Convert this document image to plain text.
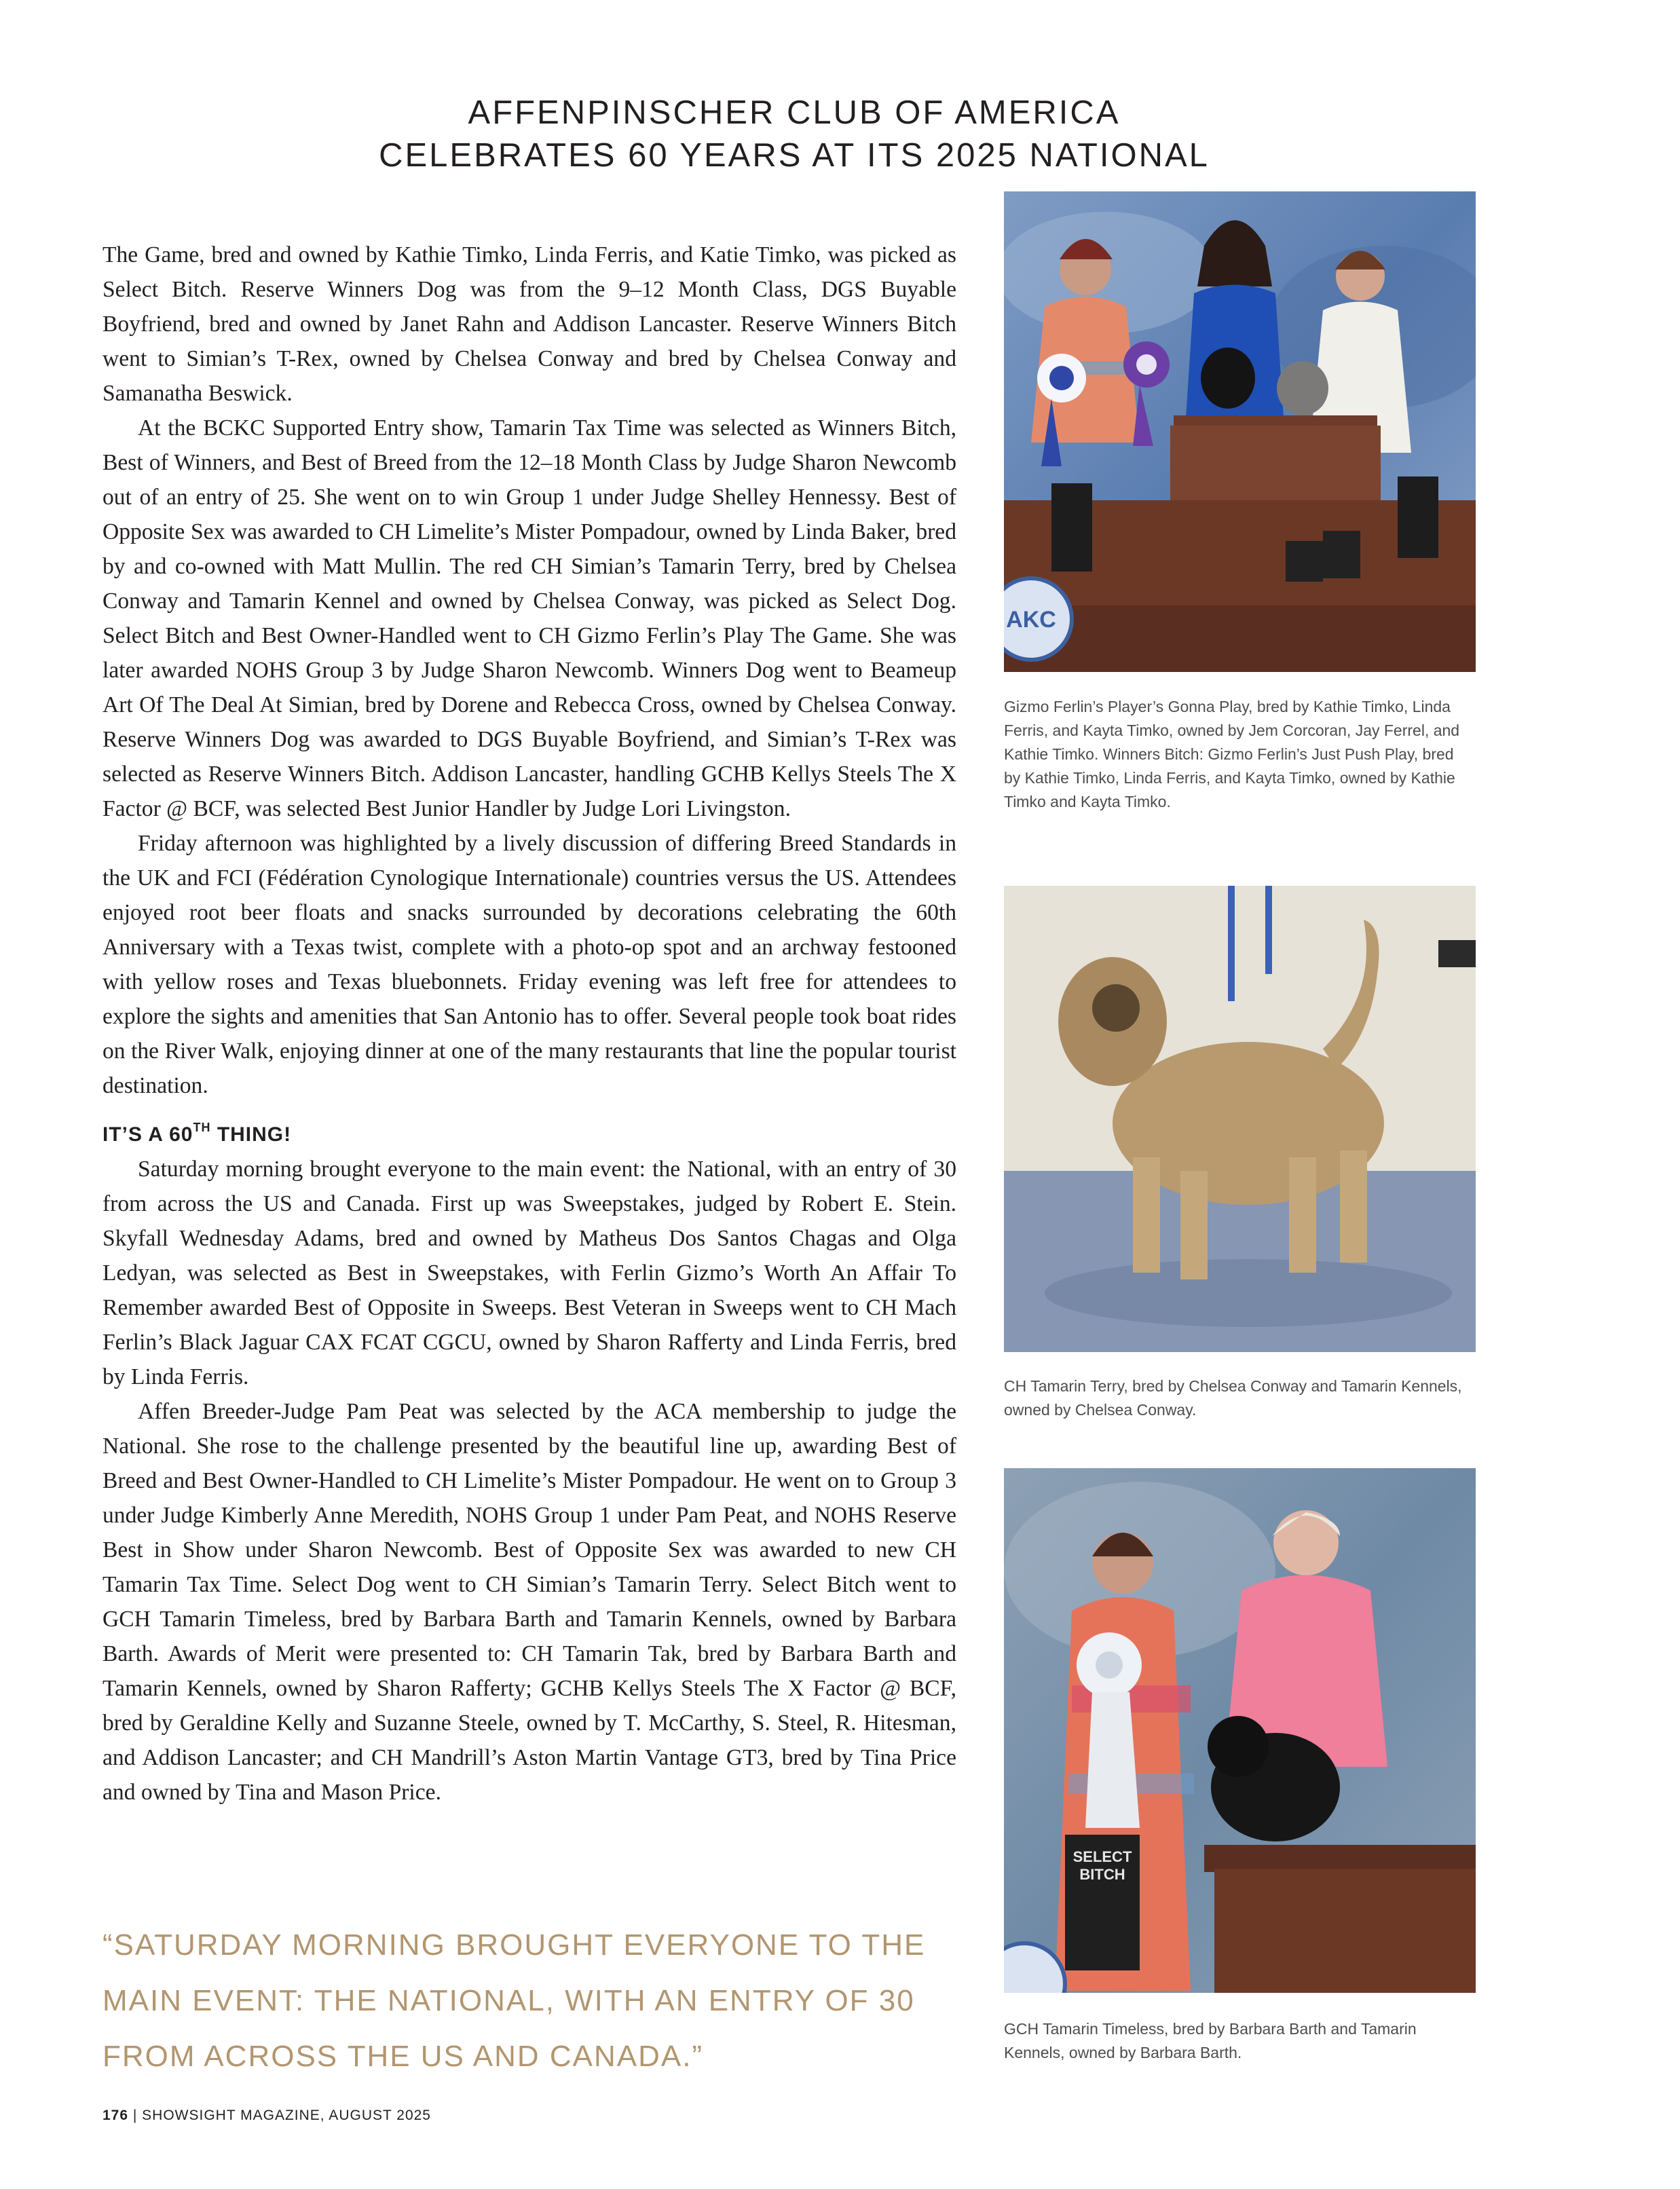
AFFENPINSCHER CLUB OF AMERICA
CELEBRATES 60 YEARS AT ITS 2025 NATIONAL

The Game, bred and owned by Kathie Timko, Linda Ferris, and Katie Timko, was picked as Select Bitch. Reserve Winners Dog was from the 9–12 Month Class, DGS Buyable Boyfriend, bred and owned by Janet Rahn and Addison Lancaster. Reserve Winners Bitch went to Simian’s T-Rex, owned by Chelsea Conway and bred by Chelsea Conway and Samanatha Beswick.

At the BCKC Supported Entry show, Tamarin Tax Time was selected as Winners Bitch, Best of Winners, and Best of Breed from the 12–18 Month Class by Judge Sharon Newcomb out of an entry of 25. She went on to win Group 1 under Judge Shelley Hennessy. Best of Opposite Sex was awarded to CH Limelite’s Mister Pompadour, owned by Linda Baker, bred by and co-owned with Matt Mullin. The red CH Simian’s Tamarin Terry, bred by Chelsea Conway and Tamarin Kennel and owned by Chelsea Conway, was picked as Select Dog. Select Bitch and Best Owner-Handled went to CH Gizmo Ferlin’s Play The Game. She was later awarded NOHS Group 3 by Judge Sharon Newcomb. Winners Dog went to Beameup Art Of The Deal At Simian, bred by Dorene and Rebecca Cross, owned by Chelsea Conway. Reserve Winners Dog was awarded to DGS Buyable Boyfriend, and Simian’s T-Rex was selected as Reserve Winners Bitch. Addison Lancaster, handling GCHB Kellys Steels The X Factor @ BCF, was selected Best Junior Handler by Judge Lori Livingston.

Friday afternoon was highlighted by a lively discussion of differing Breed Standards in the UK and FCI (Fédération Cynologique Internationale) countries versus the US. Attendees enjoyed root beer floats and snacks surrounded by decorations celebrating the 60th Anniversary with a Texas twist, complete with a photo-op spot and an archway festooned with yellow roses and Texas bluebonnets. Friday evening was left free for attendees to explore the sights and amenities that San Antonio has to offer. Several people took boat rides on the River Walk, enjoying dinner at one of the many restaurants that line the popular tourist destination.

IT’S A 60TH THING!

Saturday morning brought everyone to the main event: the National, with an entry of 30 from across the US and Canada. First up was Sweepstakes, judged by Robert E. Stein. Skyfall Wednesday Adams, bred and owned by Matheus Dos Santos Chagas and Olga Ledyan, was selected as Best in Sweepstakes, with Ferlin Gizmo’s Worth An Affair To Remember awarded Best of Opposite in Sweeps. Best Veteran in Sweeps went to CH Mach Ferlin’s Black Jaguar CAX FCAT CGCU, owned by Sharon Rafferty and Linda Ferris, bred by Linda Ferris.

Affen Breeder-Judge Pam Peat was selected by the ACA membership to judge the National. She rose to the challenge presented by the beautiful line up, awarding Best of Breed and Best Owner-Handled to CH Limelite’s Mister Pompadour. He went on to Group 3 under Judge Kimberly Anne Meredith, NOHS Group 1 under Pam Peat, and NOHS Reserve Best in Show under Sharon Newcomb. Best of Opposite Sex was awarded to new CH Tamarin Tax Time. Select Dog went to CH Simian’s Tamarin Terry. Select Bitch went to GCH Tamarin Timeless, bred by Barbara Barth and Tamarin Kennels, owned by Barbara Barth. Awards of Merit were presented to: CH Tamarin Tak, bred by Barbara Barth and Tamarin Kennels, owned by Sharon Rafferty; GCHB Kellys Steels The X Factor @ BCF, bred by Geraldine Kelly and Suzanne Steele, owned by T. McCarthy, S. Steel, R. Hitesman, and Addison Lancaster; and CH Mandrill’s Aston Martin Vantage GT3, bred by Tina Price and owned by Tina and Mason Price.

“SATURDAY MORNING BROUGHT EVERYONE TO THE MAIN EVENT: THE NATIONAL, WITH AN ENTRY OF 30 FROM ACROSS THE US AND CANADA.”
176 | SHOWSIGHT MAGAZINE, AUGUST 2025
AKC
Gizmo Ferlin’s Player’s Gonna Play, bred by Kathie Timko, Linda Ferris, and Kayta Timko, owned by Jem Corcoran, Jay Ferrel, and Kathie Timko. Winners Bitch: Gizmo Ferlin’s Just Push Play, bred by Kathie Timko, Linda Ferris, and Kayta Timko, owned by Kathie Timko and Kayta Timko.
CH Tamarin Terry, bred by Chelsea Conway and Tamarin Kennels, owned by Chelsea Conway.
SELECT
BITCH
GCH Tamarin Timeless, bred by Barbara Barth and Tamarin Kennels, owned by Barbara Barth.
